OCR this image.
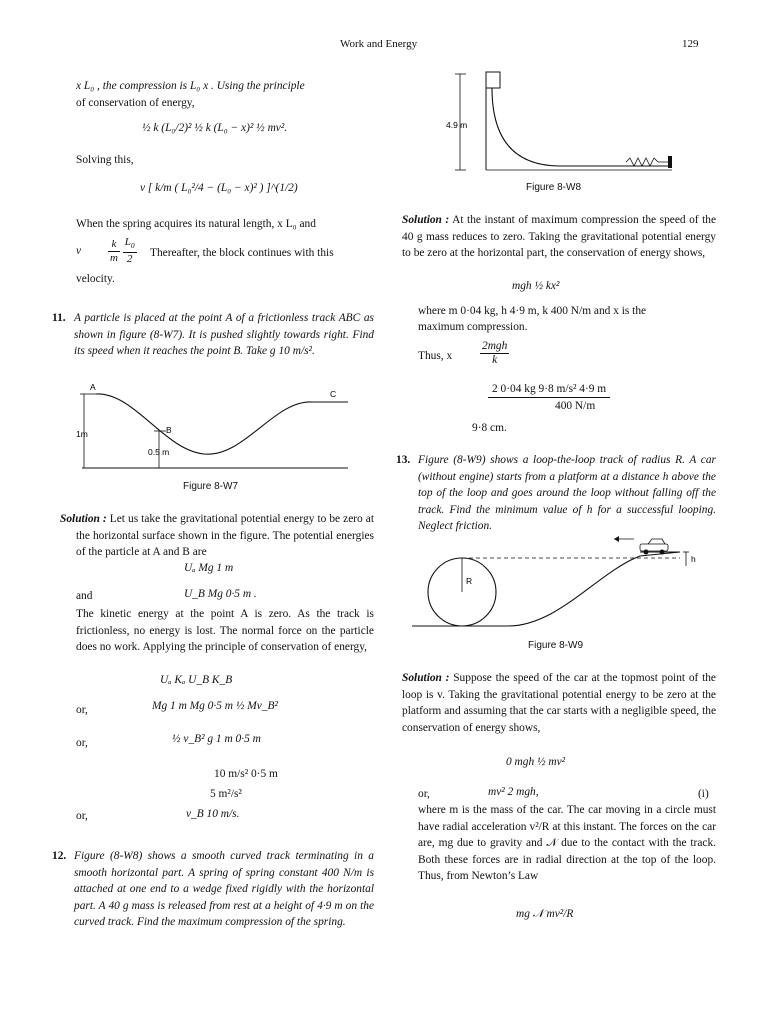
Work and Energy	129
x L₀ , the compression is L₀ x . Using the principle
of conservation of energy,
½ k (L₀/2)² ½ k (L₀ − x)² ½ mv².
Solving this,
v [ k/m ( L₀²/4 − (L₀ − x)² ) ]^(1/2)
When the spring acquires its natural length, x L₀ and
v $\frac{k}{m}$
$\frac{L_0}{2}$ Thereafter, the block continues with this
velocity.
11. A particle is placed at the point A of a frictionless track ABC as shown in figure (8-W7). It is pushed slightly towards right. Find its speed when it reaches the point B. Take g 10 m/s².
A
B
C
1m
0.5 m
Figure 8-W7
Solution : Let us take the gravitational potential energy to be zero at the horizontal surface shown in the figure. The potential energies of the particle at A and B are
Uₐ Mg 1 m
and	U_B Mg 0·5 m .
The kinetic energy at the point A is zero. As the track is frictionless, no energy is lost. The normal force on the particle does no work. Applying the principle of conservation of energy,
Uₐ Kₐ U_B K_B
or,	Mg 1 m Mg 0·5 m ½ Mv_B²
or,	½ v_B² g 1 m 0·5 m
10 m/s² 0·5 m
5 m²/s²
or,	v_B 10 m/s.
12. Figure (8-W8) shows a smooth curved track terminating in a smooth horizontal part. A spring of spring constant 400 N/m is attached at one end to a wedge fixed rigidly with the horizontal part. A 40 g mass is released from rest at a height of 4·9 m on the curved track. Find the maximum compression of the spring.
4.9 m
Figure 8-W8
Solution : At the instant of maximum compression the speed of the 40 g mass reduces to zero. Taking the gravitational potential energy to be zero at the horizontal part, the conservation of energy shows,
mgh ½ kx²
where m 0·04 kg, h 4·9 m, k 400 N/m and x is the
maximum compression.
Thus, x $\frac{\text{2mgh}}{k}$
2 0·04 kg 9·8 m/s² 4·9 m
400 N/m
9·8 cm.
13. Figure (8-W9) shows a loop-the-loop track of radius R. A car (without engine) starts from a platform at a distance h above the top of the loop and goes around the loop without falling off the track. Find the minimum value of h for a successful looping. Neglect friction.
R
h
Figure 8-W9
Solution : Suppose the speed of the car at the topmost point of the loop is v. Taking the gravitational potential energy to be zero at the platform and assuming that the car starts with a negligible speed, the conservation of energy shows,
0 mgh ½ mv²
or,	mv² 2 mgh,	(i)
where m is the mass of the car. The car moving in a circle must have radial acceleration v²/R at this instant. The forces on the car are, mg due to gravity and 𝒩 due to the contact with the track. Both these forces are in radial direction at the top of the loop. Thus, from Newton’s Law
mg 𝒩 mv²/R
